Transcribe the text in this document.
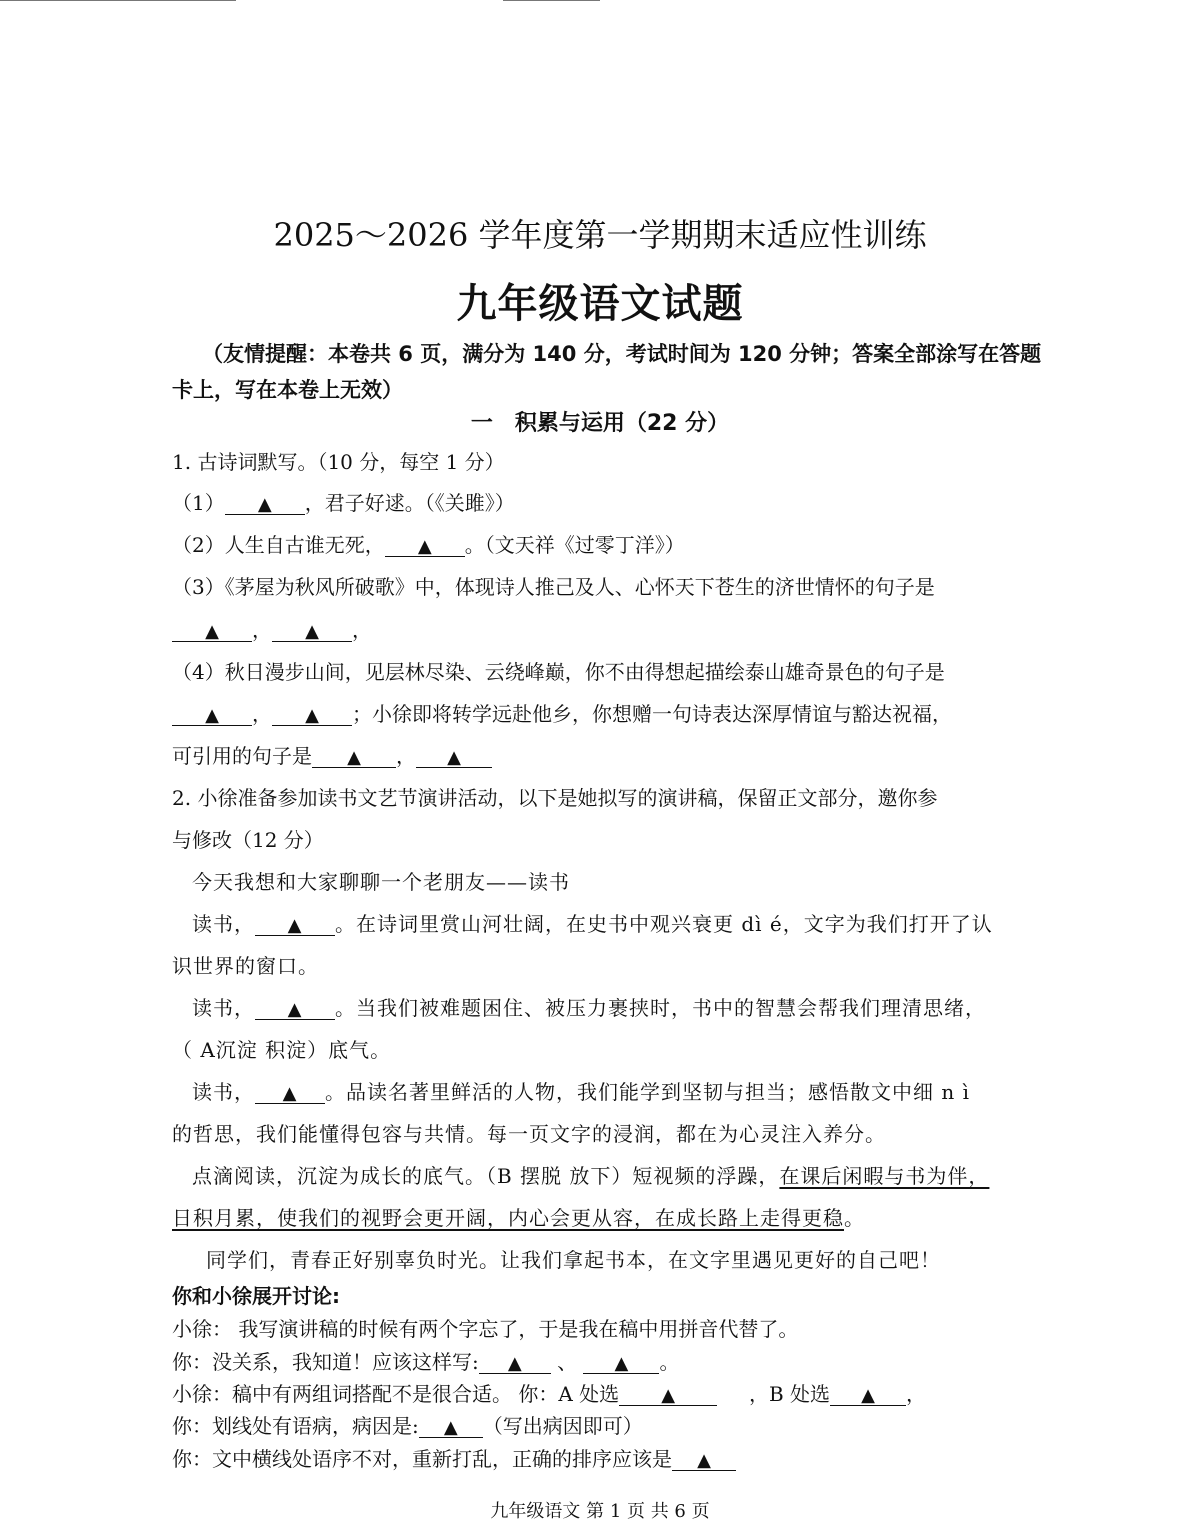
2025～2026 学年度第一学期期末适应性训练
九年级语文试题
（友情提醒：本卷共 6 页，满分为 140 分，考试时间为 120 分钟；答案全部涂写在答题卡上，写在本卷上无效）
一　积累与运用（22 分）
1. 古诗词默写。（10 分，每空 1 分）
（1） ▲ ，君子好逑。（《关雎》）
（2）人生自古谁无死， ▲ 。（文天祥《过零丁洋》）
（3）《茅屋为秋风所破歌》中，体现诗人推己及人、心怀天下苍生的济世情怀的句子是
▲ ， ▲ ，
（4）秋日漫步山间，见层林尽染、云绕峰巅，你不由得想起描绘泰山雄奇景色的句子是
▲ ， ▲ ；小徐即将转学远赴他乡，你想赠一句诗表达深厚情谊与豁达祝福，
可引用的句子是 ▲ ， ▲
2. 小徐准备参加读书文艺节演讲活动，以下是她拟写的演讲稿，保留正文部分，邀你参
与修改（12 分）
今天我想和大家聊聊一个老朋友——读书
读书， ▲ 。在诗词里赏山河壮阔，在史书中观兴衰更 dì é，文字为我们打开了认
识世界的窗口。
读书， ▲ 。当我们被难题困住、被压力裹挟时，书中的智慧会帮我们理清思绪，
（ A沉淀 积淀）底气。
读书， ▲ 。品读名著里鲜活的人物，我们能学到坚韧与担当；感悟散文中细 n ì
的哲思，我们能懂得包容与共情。每一页文字的浸润，都在为心灵注入养分。
点滴阅读，沉淀为成长的底气。（B 摆脱 放下）短视频的浮躁，在课后闲暇与书为伴，
日积月累，使我们的视野会更开阔，内心会更从容，在成长路上走得更稳。
同学们，青春正好别辜负时光。让我们拿起书本，在文字里遇见更好的自己吧！
你和小徐展开讨论:
小徐： 我写演讲稿的时候有两个字忘了，于是我在稿中用拼音代替了。
你：没关系，我知道！应该这样写: ▲ 、 ▲ 。
小徐：稿中有两组词搭配不是很合适。 你：A 处选 ▲	，B 处选 ▲ ，
你：划线处有语病，病因是: ▲ （写出病因即可）
你：文中横线处语序不对，重新打乱，正确的排序应该是 ▲
九年级语文 第 1 页 共 6 页
